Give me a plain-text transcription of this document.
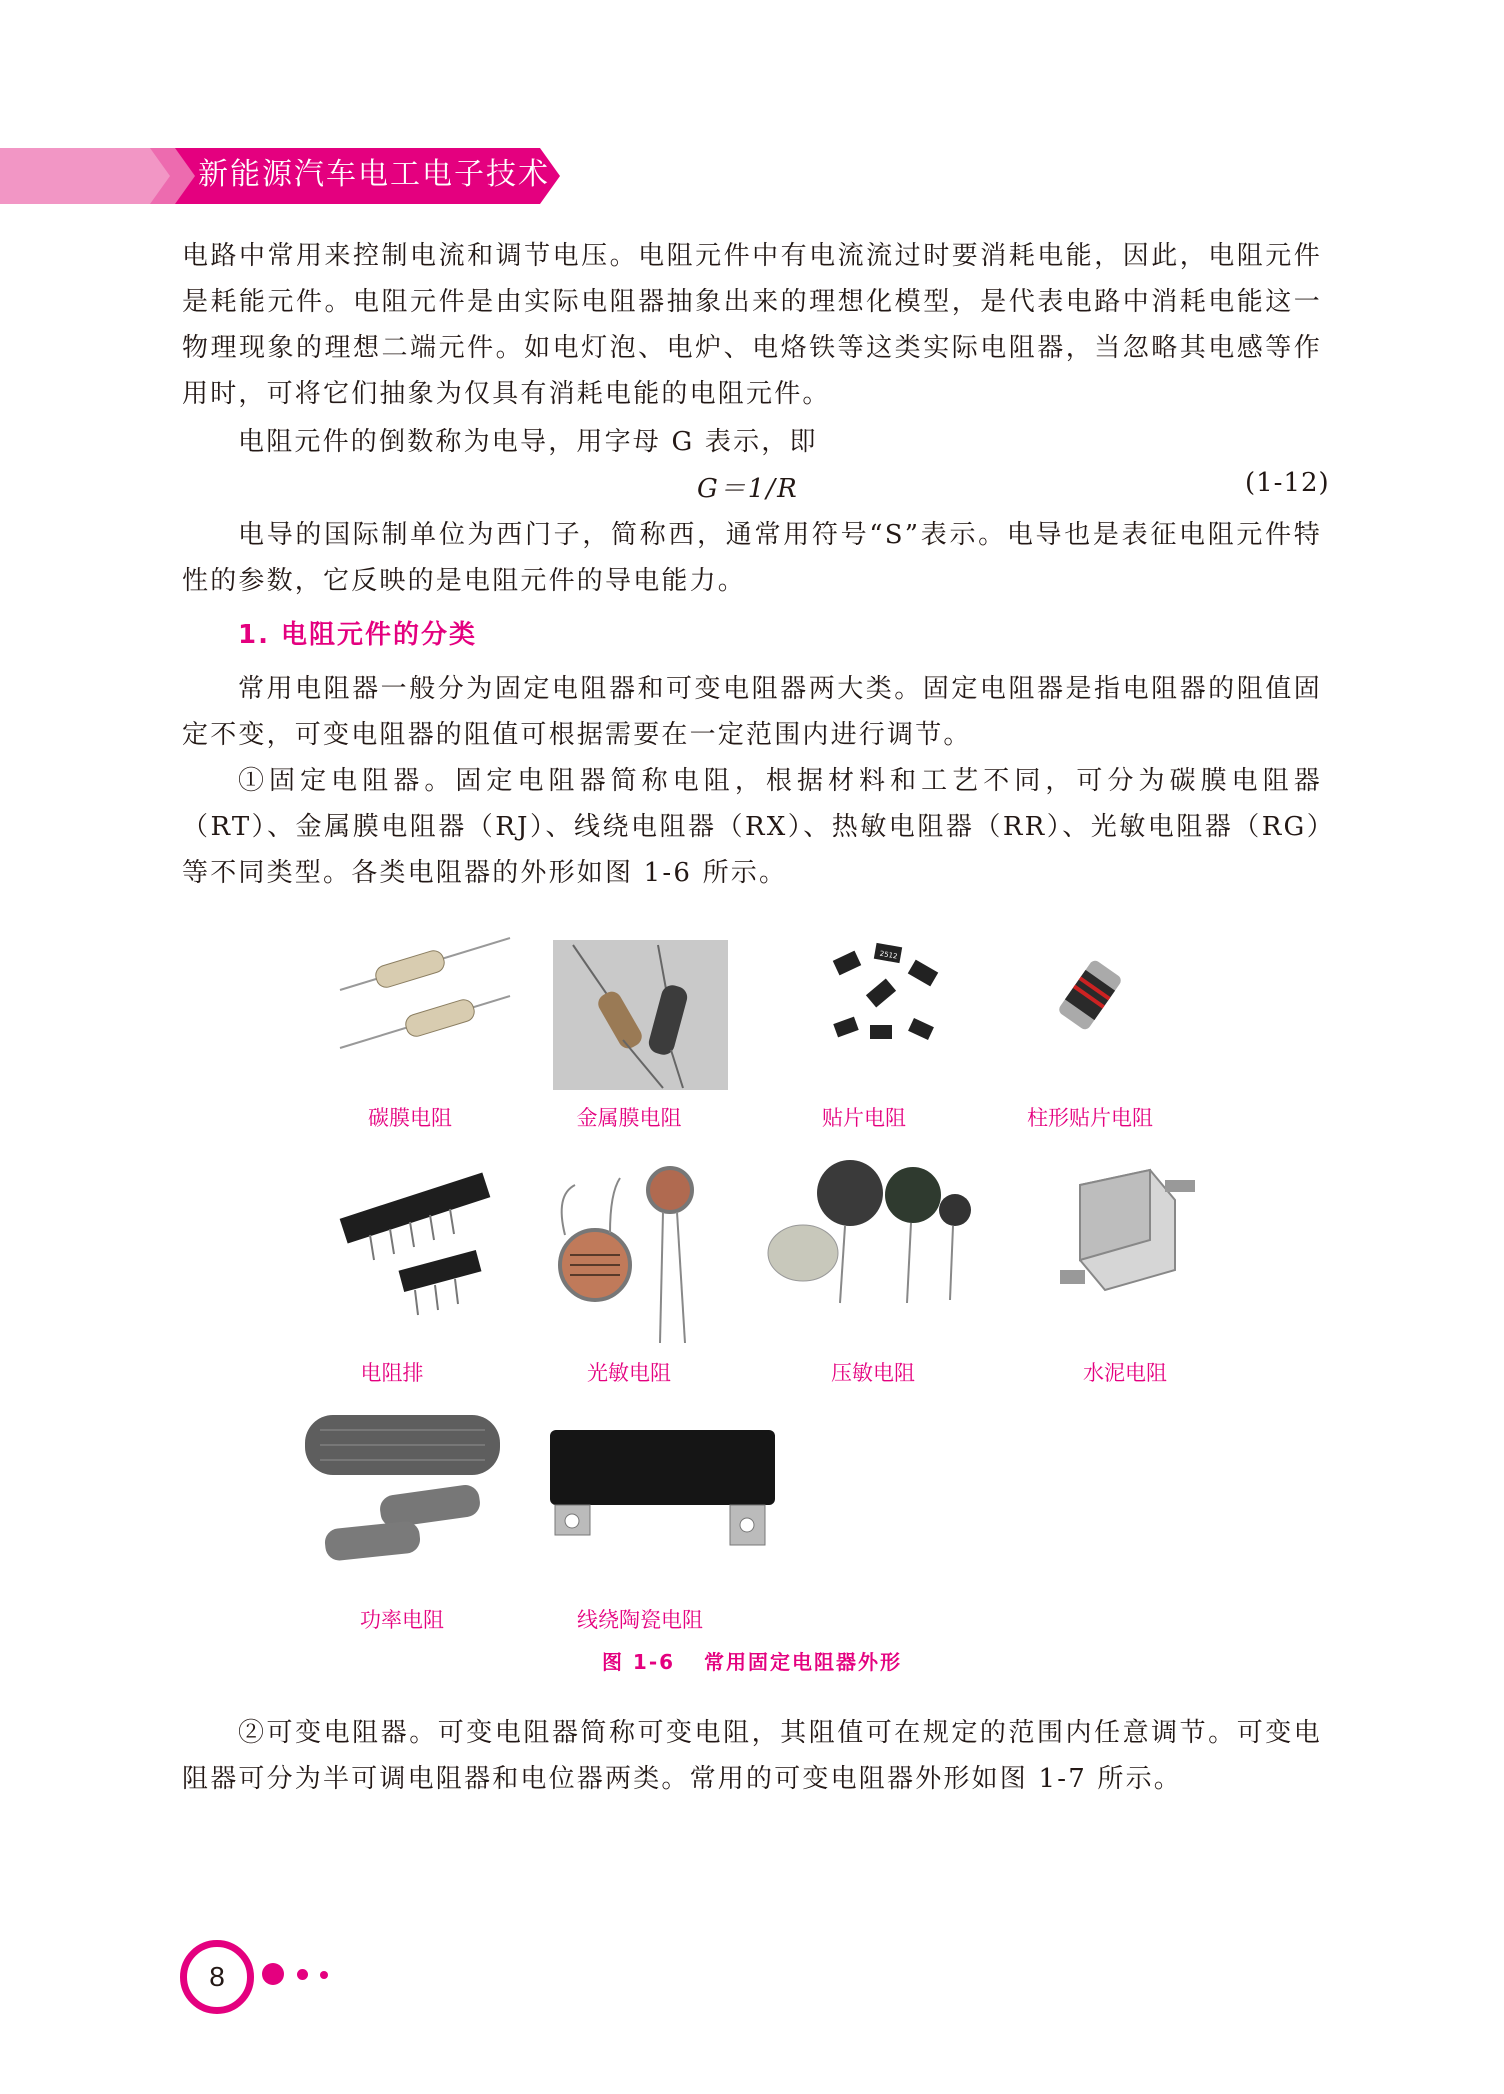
新能源汽车电工电子技术

电路中常用来控制电流和调节电压。电阻元件中有电流流过时要消耗电能，因此，电阻元件是耗能元件。电阻元件是由实际电阻器抽象出来的理想化模型，是代表电路中消耗电能这一物理现象的理想二端元件。如电灯泡、电炉、电烙铁等这类实际电阻器，当忽略其电感等作用时，可将它们抽象为仅具有消耗电能的电阻元件。

电阻元件的倒数称为电导，用字母 G 表示，即

G＝1/R	(1-12)

电导的国际制单位为西门子，简称西，通常用符号“S”表示。电导也是表征电阻元件特性的参数，它反映的是电阻元件的导电能力。

1. 电阻元件的分类

常用电阻器一般分为固定电阻器和可变电阻器两大类。固定电阻器是指电阻器的阻值固定不变，可变电阻器的阻值可根据需要在一定范围内进行调节。

①固定电阻器。固定电阻器简称电阻，根据材料和工艺不同，可分为碳膜电阻器（RT）、金属膜电阻器（RJ）、线绕电阻器（RX）、热敏电阻器（RR）、光敏电阻器（RG）等不同类型。各类电阻器的外形如图 1-6 所示。

2512
碳膜电阻	金属膜电阻	贴片电阻	柱形贴片电阻
电阻排	光敏电阻	压敏电阻	水泥电阻
功率电阻	线绕陶瓷电阻
图 1-6 常用固定电阻器外形

②可变电阻器。可变电阻器简称可变电阻，其阻值可在规定的范围内任意调节。可变电阻器可分为半可调电阻器和电位器两类。常用的可变电阻器外形如图 1-7 所示。

8
